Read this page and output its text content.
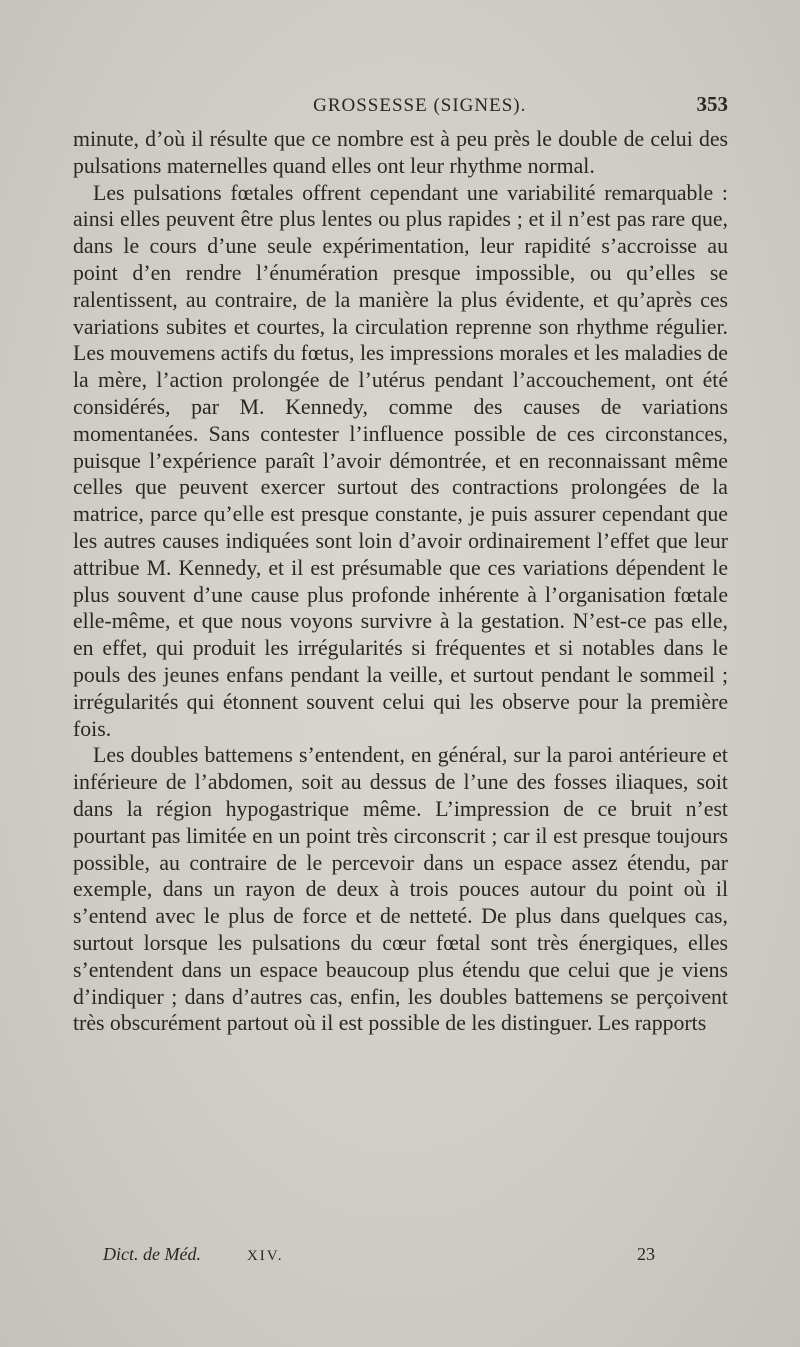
GROSSESSE (SIGNES).	353

minute, d’où il résulte que ce nombre est à peu près le double de celui des pulsations maternelles quand elles ont leur rhythme normal.

Les pulsations fœtales offrent cependant une variabilité remarquable : ainsi elles peuvent être plus lentes ou plus rapides ; et il n’est pas rare que, dans le cours d’une seule expérimentation, leur rapidité s’accroisse au point d’en rendre l’énumération presque impossible, ou qu’elles se ralentissent, au contraire, de la manière la plus évidente, et qu’après ces variations subites et courtes, la circulation reprenne son rhythme régulier. Les mouvemens actifs du fœtus, les impressions morales et les maladies de la mère, l’action prolongée de l’utérus pendant l’accouchement, ont été considérés, par M. Kennedy, comme des causes de variations momentanées. Sans contester l’influence possible de ces circonstances, puisque l’expérience paraît l’avoir démontrée, et en reconnaissant même celles que peuvent exercer surtout des contractions prolongées de la matrice, parce qu’elle est presque constante, je puis assurer cependant que les autres causes indiquées sont loin d’avoir ordinairement l’effet que leur attribue M. Kennedy, et il est présumable que ces variations dépendent le plus souvent d’une cause plus profonde inhérente à l’organisation fœtale elle-même, et que nous voyons survivre à la gestation. N’est-ce pas elle, en effet, qui produit les irrégularités si fréquentes et si notables dans le pouls des jeunes enfans pendant la veille, et surtout pendant le sommeil ; irrégularités qui étonnent souvent celui qui les observe pour la première fois.

Les doubles battemens s’entendent, en général, sur la paroi antérieure et inférieure de l’abdomen, soit au dessus de l’une des fosses iliaques, soit dans la région hypogastrique même. L’impression de ce bruit n’est pourtant pas limitée en un point très circonscrit ; car il est presque toujours possible, au contraire de le percevoir dans un espace assez étendu, par exemple, dans un rayon de deux à trois pouces autour du point où il s’entend avec le plus de force et de netteté. De plus dans quelques cas, surtout lorsque les pulsations du cœur fœtal sont très énergiques, elles s’entendent dans un espace beaucoup plus étendu que celui que je viens d’indiquer ; dans d’autres cas, enfin, les doubles battemens se perçoivent très obscurément partout où il est possible de les distinguer. Les rapports

Dict. de Méd.	XIV.	23
